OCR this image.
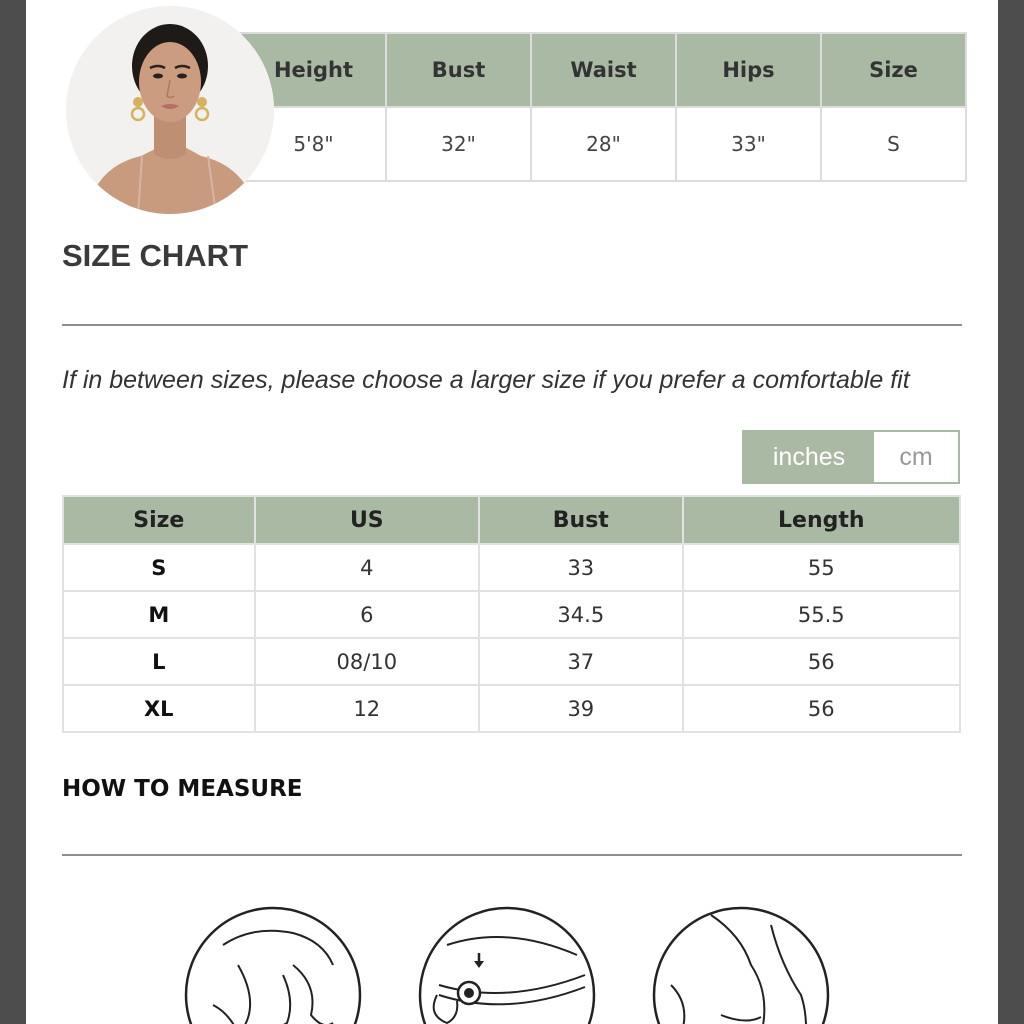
Height	Bust	Waist	Hips	Size
5'8"	32"	28"	33"	S
SIZE CHART

If in between sizes, please choose a larger size if you prefer a comfortable fit

inches	cm
Size	US	Bust	Length
S	4	33	55
M	6	34.5	55.5
L	08/10	37	56
XL	12	39	56
HOW TO MEASURE
